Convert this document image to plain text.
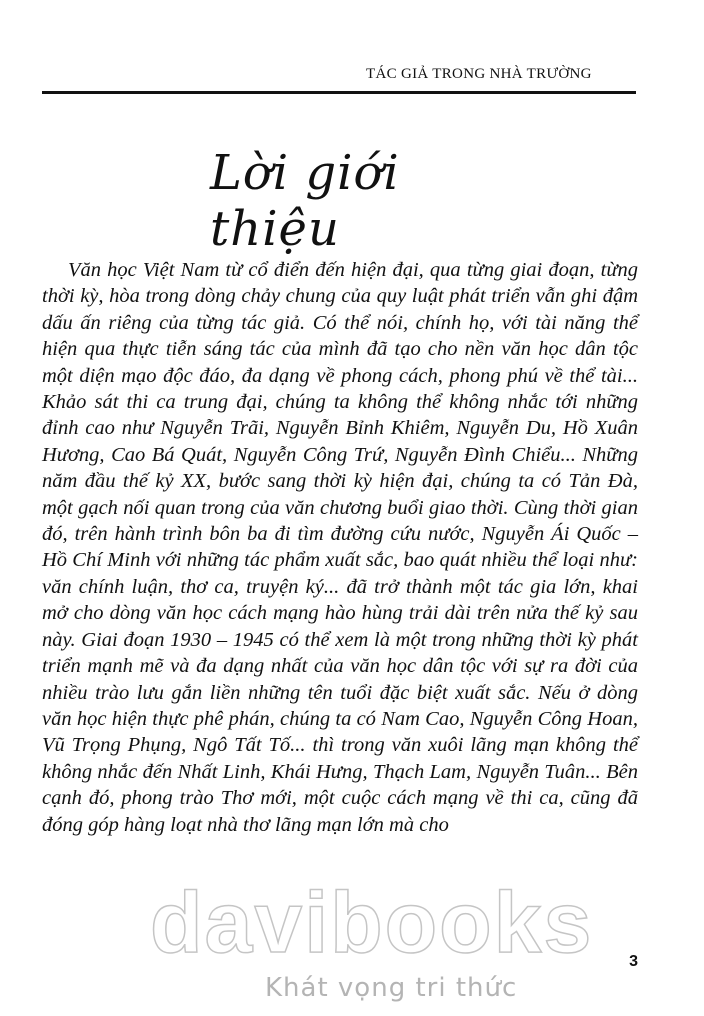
TÁC GIẢ TRONG NHÀ TRƯỜNG
Lời giới thiệu
Văn học Việt Nam từ cổ điển đến hiện đại, qua từng giai đoạn, từng thời kỳ, hòa trong dòng chảy chung của quy luật phát triển vẫn ghi đậm dấu ấn riêng của từng tác giả. Có thể nói, chính họ, với tài năng thể hiện qua thực tiễn sáng tác của mình đã tạo cho nền văn học dân tộc một diện mạo độc đáo, đa dạng về phong cách, phong phú về thể tài... Khảo sát thi ca trung đại, chúng ta không thể không nhắc tới những đỉnh cao như Nguyễn Trãi, Nguyễn Bỉnh Khiêm, Nguyễn Du, Hồ Xuân Hương, Cao Bá Quát, Nguyễn Công Trứ, Nguyễn Đình Chiểu... Những năm đầu thế kỷ XX, bước sang thời kỳ hiện đại, chúng ta có Tản Đà, một gạch nối quan trong của văn chương buổi giao thời. Cùng thời gian đó, trên hành trình bôn ba đi tìm đường cứu nước, Nguyễn Ái Quốc – Hồ Chí Minh với những tác phẩm xuất sắc, bao quát nhiều thể loại như: văn chính luận, thơ ca, truyện ký... đã trở thành một tác gia lớn, khai mở cho dòng văn học cách mạng hào hùng trải dài trên nửa thế kỷ sau này. Giai đoạn 1930 – 1945 có thể xem là một trong những thời kỳ phát triển mạnh mẽ và đa dạng nhất của văn học dân tộc với sự ra đời của nhiều trào lưu gắn liền những tên tuổi đặc biệt xuất sắc. Nếu ở dòng văn học hiện thực phê phán, chúng ta có Nam Cao, Nguyễn Công Hoan, Vũ Trọng Phụng, Ngô Tất Tố... thì trong văn xuôi lãng mạn không thể không nhắc đến Nhất Linh, Khái Hưng, Thạch Lam, Nguyễn Tuân... Bên cạnh đó, phong trào Thơ mới, một cuộc cách mạng về thi ca, cũng đã đóng góp hàng loạt nhà thơ lãng mạn lớn mà cho
davibooks
Khát vọng tri thức
3
